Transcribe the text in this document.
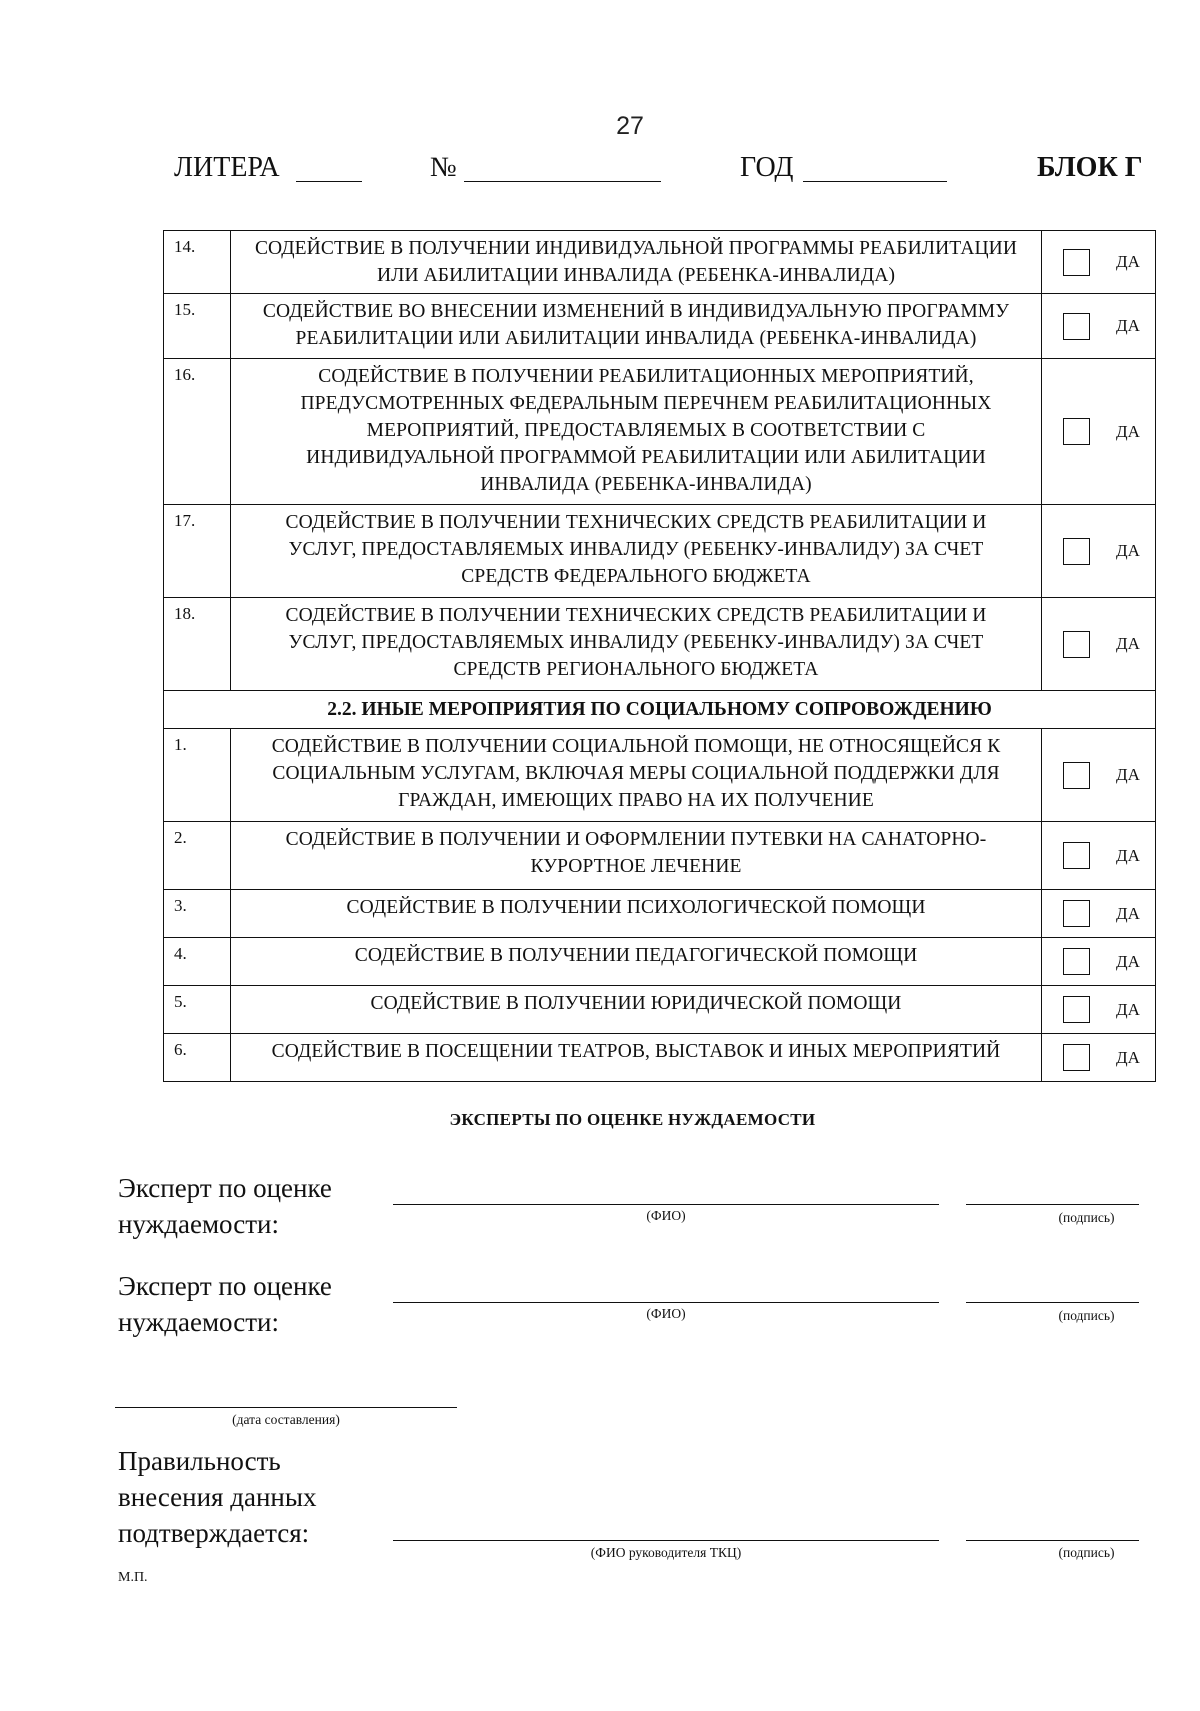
27
ЛИТЕРА	№	ГОД	БЛОК Г
14.	СОДЕЙСТВИЕ В ПОЛУЧЕНИИ ИНДИВИДУАЛЬНОЙ ПРОГРАММЫ РЕАБИЛИТАЦИИ ИЛИ АБИЛИТАЦИИ ИНВАЛИДА (РЕБЕНКА-ИНВАЛИДА)	ДА

15.	СОДЕЙСТВИЕ ВО ВНЕСЕНИИ ИЗМЕНЕНИЙ В ИНДИВИДУАЛЬНУЮ ПРОГРАММУ РЕАБИЛИТАЦИИ ИЛИ АБИЛИТАЦИИ ИНВАЛИДА (РЕБЕНКА-ИНВАЛИДА)	ДА

16.	СОДЕЙСТВИЕ В ПОЛУЧЕНИИ РЕАБИЛИТАЦИОННЫХ МЕРОПРИЯТИЙ, ПРЕДУСМОТРЕННЫХ ФЕДЕРАЛЬНЫМ ПЕРЕЧНЕМ РЕАБИЛИТАЦИОННЫХ МЕРОПРИЯТИЙ, ПРЕДОСТАВЛЯЕМЫХ В СООТВЕТСТВИИ С ИНДИВИДУАЛЬНОЙ ПРОГРАММОЙ РЕАБИЛИТАЦИИ ИЛИ АБИЛИТАЦИИ ИНВАЛИДА (РЕБЕНКА-ИНВАЛИДА)	ДА

17.	СОДЕЙСТВИЕ В ПОЛУЧЕНИИ ТЕХНИЧЕСКИХ СРЕДСТВ РЕАБИЛИТАЦИИ И УСЛУГ, ПРЕДОСТАВЛЯЕМЫХ ИНВАЛИДУ (РЕБЕНКУ-ИНВАЛИДУ) ЗА СЧЕТ СРЕДСТВ ФЕДЕРАЛЬНОГО БЮДЖЕТА	ДА

18.	СОДЕЙСТВИЕ В ПОЛУЧЕНИИ ТЕХНИЧЕСКИХ СРЕДСТВ РЕАБИЛИТАЦИИ И УСЛУГ, ПРЕДОСТАВЛЯЕМЫХ ИНВАЛИДУ (РЕБЕНКУ-ИНВАЛИДУ) ЗА СЧЕТ СРЕДСТВ РЕГИОНАЛЬНОГО БЮДЖЕТА	ДА

2.2. ИНЫЕ МЕРОПРИЯТИЯ ПО СОЦИАЛЬНОМУ СОПРОВОЖДЕНИЮ		
1.	СОДЕЙСТВИЕ В ПОЛУЧЕНИИ СОЦИАЛЬНОЙ ПОМОЩИ, НЕ ОТНОСЯЩЕЙСЯ К СОЦИАЛЬНЫМ УСЛУГАМ, ВКЛЮЧАЯ МЕРЫ СОЦИАЛЬНОЙ ПОДДЕРЖКИ ДЛЯ ГРАЖДАН, ИМЕЮЩИХ ПРАВО НА ИХ ПОЛУЧЕНИЕ	ДА

2.	СОДЕЙСТВИЕ В ПОЛУЧЕНИИ И ОФОРМЛЕНИИ ПУТЕВКИ НА САНАТОРНО-КУРОРТНОЕ ЛЕЧЕНИЕ	ДА

3.	СОДЕЙСТВИЕ В ПОЛУЧЕНИИ ПСИХОЛОГИЧЕСКОЙ ПОМОЩИ	ДА

4.	СОДЕЙСТВИЕ В ПОЛУЧЕНИИ ПЕДАГОГИЧЕСКОЙ ПОМОЩИ	ДА

5.	СОДЕЙСТВИЕ В ПОЛУЧЕНИИ ЮРИДИЧЕСКОЙ ПОМОЩИ	ДА

6.	СОДЕЙСТВИЕ В ПОСЕЩЕНИИ ТЕАТРОВ, ВЫСТАВОК И ИНЫХ МЕРОПРИЯТИЙ	ДА
ЭКСПЕРТЫ ПО ОЦЕНКЕ НУЖДАЕМОСТИ
Эксперт по оценке
нуждаемости:	(ФИО)	(подпись)
Эксперт по оценке
нуждаемости:	(ФИО)	(подпись)
(дата составления)
Правильность
внесения данных
подтверждается:
(ФИО руководителя ТКЦ)	(подпись)
М.П.
